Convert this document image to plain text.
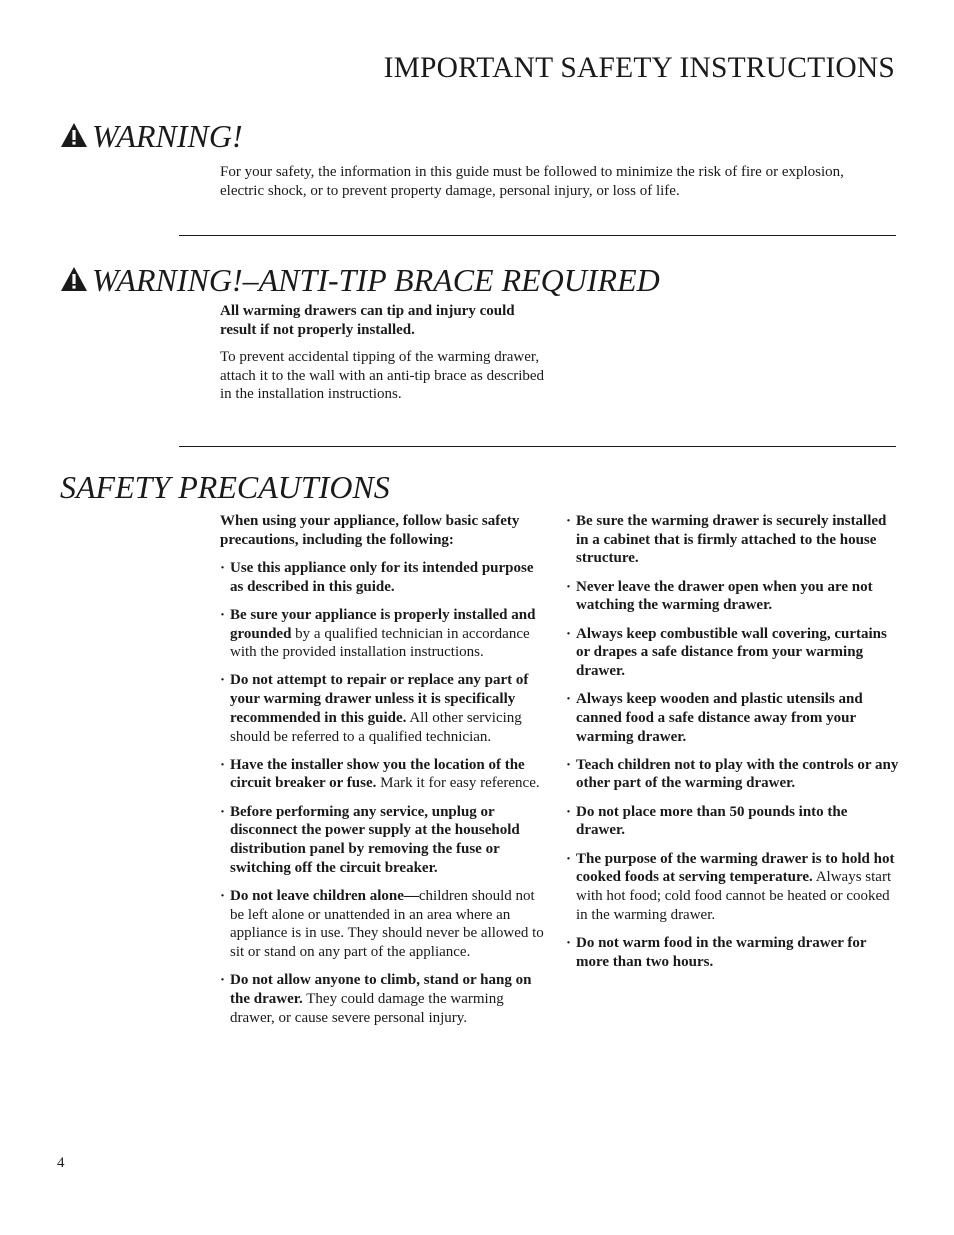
IMPORTANT SAFETY INSTRUCTIONS
WARNING!

For your safety, the information in this guide must be followed to minimize the risk of fire or explosion, electric shock, or to prevent property damage, personal injury, or loss of life.

WARNING!–ANTI-TIP BRACE REQUIRED

All warming drawers can tip and injury could result if not properly installed.

To prevent accidental tipping of the warming drawer, attach it to the wall with an anti-tip brace as described in the installation instructions.

SAFETY PRECAUTIONS

When using your appliance, follow basic safety precautions, including the following:

· Use this appliance only for its intended purpose as described in this guide.
· Be sure your appliance is properly installed and grounded by a qualified technician in accordance with the provided installation instructions.
· Do not attempt to repair or replace any part of your warming drawer unless it is specifically recommended in this guide. All other servicing should be referred to a qualified technician.
· Have the installer show you the location of the circuit breaker or fuse. Mark it for easy reference.
· Before performing any service, unplug or disconnect the power supply at the household distribution panel by removing the fuse or switching off the circuit breaker.
· Do not leave children alone—children should not be left alone or unattended in an area where an appliance is in use. They should never be allowed to sit or stand on any part of the appliance.
· Do not allow anyone to climb, stand or hang on the drawer. They could damage the warming drawer, or cause severe personal injury.
· Be sure the warming drawer is securely installed in a cabinet that is firmly attached to the house structure.
· Never leave the drawer open when you are not watching the warming drawer.
· Always keep combustible wall covering, curtains or drapes a safe distance from your warming drawer.
· Always keep wooden and plastic utensils and canned food a safe distance away from your warming drawer.
· Teach children not to play with the controls or any other part of the warming drawer.
· Do not place more than 50 pounds into the drawer.
· The purpose of the warming drawer is to hold hot cooked foods at serving temperature. Always start with hot food; cold food cannot be heated or cooked in the warming drawer.
· Do not warm food in the warming drawer for more than two hours.

4
